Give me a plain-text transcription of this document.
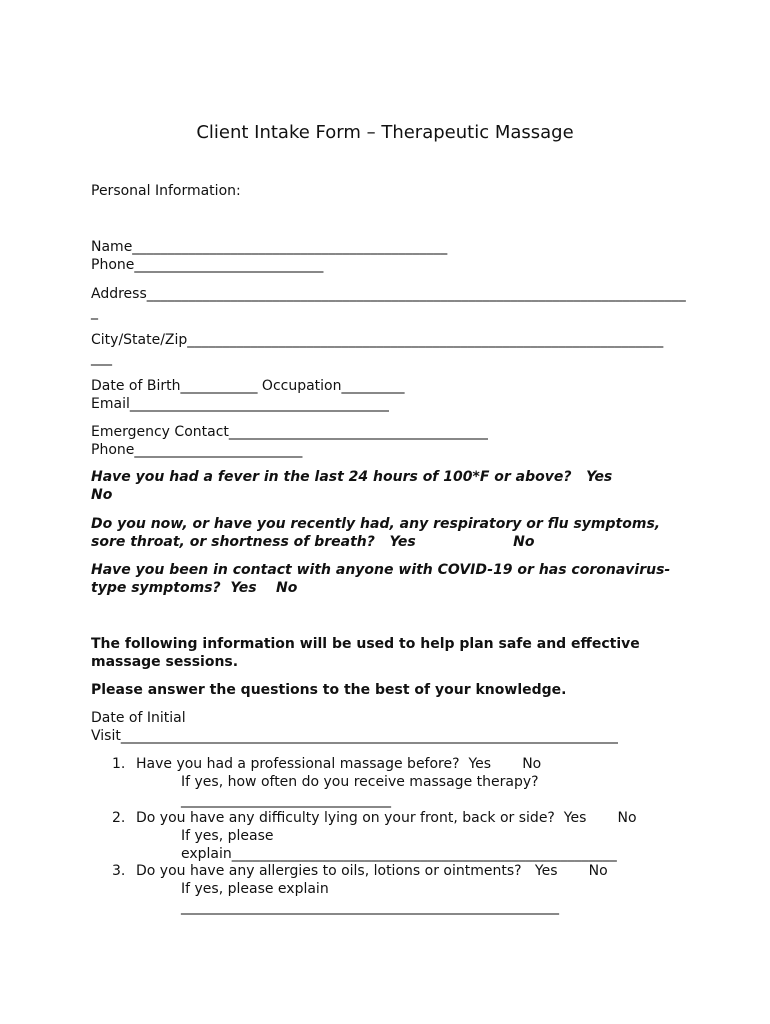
Client Intake Form – Therapeutic Massage
Personal Information:
Name_____________________________________________
Phone___________________________
Address_____________________________________________________________________________
_
City/State/Zip____________________________________________________________________
___
Date of Birth___________ Occupation_________
Email_____________________________________
Emergency Contact_____________________________________
Phone________________________
Have you had a fever in the last 24 hours of 100*F or above?   Yes
No
Do you now, or have you recently had, any respiratory or flu symptoms,
sore throat, or shortness of breath?   Yes                    No
Have you been in contact with anyone with COVID-19 or has coronavirus-
type symptoms?  Yes    No
The following information will be used to help plan safe and effective
massage sessions.
Please answer the questions to the best of your knowledge.
Date of Initial
Visit_______________________________________________________________________
1. Have you had a professional massage before?  Yes       No
If yes, how often do you receive massage therapy?
______________________________
2. Do you have any difficulty lying on your front, back or side?  Yes       No
If yes, please
explain_______________________________________________________
3. Do you have any allergies to oils, lotions or ointments?   Yes       No
If yes, please explain
______________________________________________________
